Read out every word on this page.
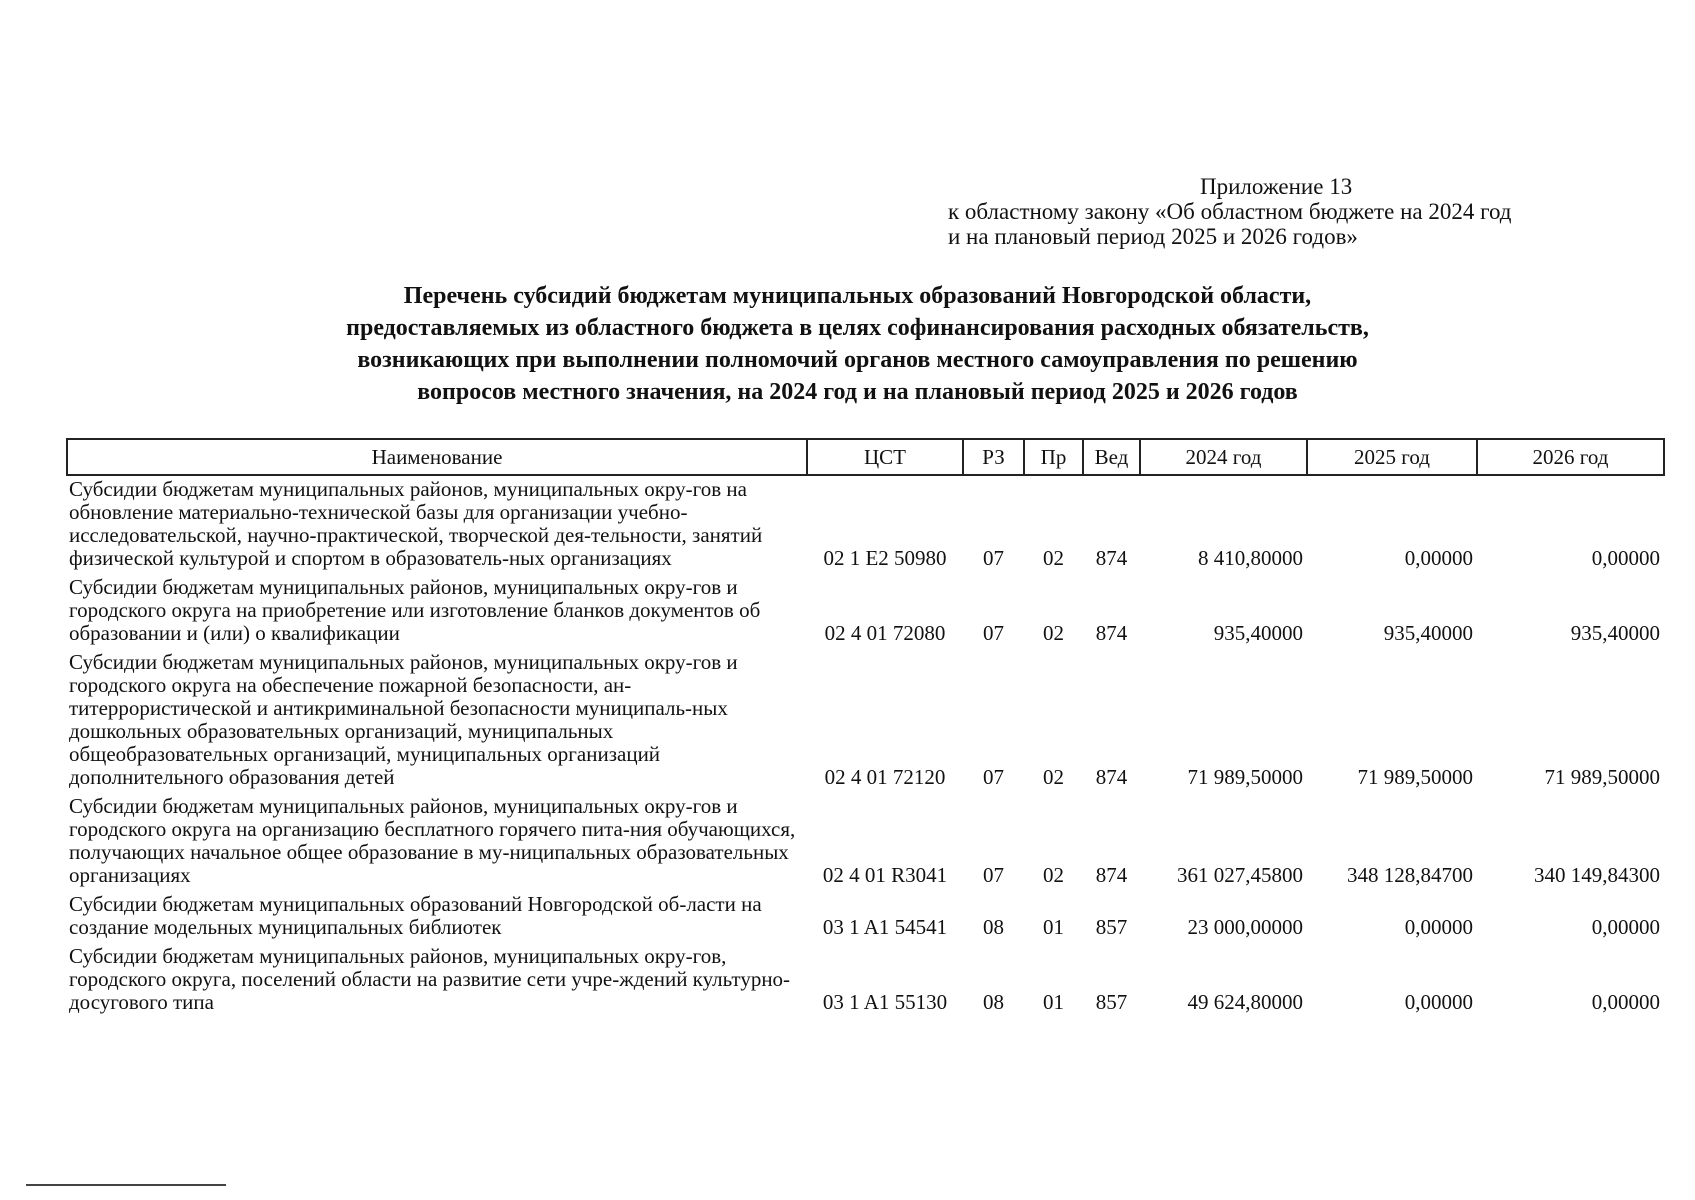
Приложение 13
к областному закону «Об областном бюджете на 2024 год
и на плановый период 2025 и 2026 годов»
Перечень субсидий бюджетам муниципальных образований Новгородской области,
предоставляемых из областного бюджета в целях софинансирования расходных обязательств,
возникающих при выполнении полномочий органов местного самоуправления по решению
вопросов местного значения, на 2024 год и на плановый период 2025 и 2026 годов
Наименование	ЦСТ	РЗ	Пр	Вед	2024 год	2025 год	2026 год
Субсидии бюджетам муниципальных районов, муниципальных окру-гов на обновление материально-технической базы для организации учебно-исследовательской, научно-практической, творческой дея-тельности, занятий физической культурой и спортом в образователь-ных организациях	02 1 E2 50980	07	02	874	8 410,80000	0,00000	0,00000
Субсидии бюджетам муниципальных районов, муниципальных окру-гов и городского округа на приобретение или изготовление бланков документов об образовании и (или) о квалификации	02 4 01 72080	07	02	874	935,40000	935,40000	935,40000
Субсидии бюджетам муниципальных районов, муниципальных окру-гов и городского округа на обеспечение пожарной безопасности, ан-титеррористической и антикриминальной безопасности муниципаль-ных дошкольных образовательных организаций, муниципальных общеобразовательных организаций, муниципальных организаций дополнительного образования детей	02 4 01 72120	07	02	874	71 989,50000	71 989,50000	71 989,50000
Субсидии бюджетам муниципальных районов, муниципальных окру-гов и городского округа на организацию бесплатного горячего пита-ния обучающихся, получающих начальное общее образование в му-ниципальных образовательных организациях	02 4 01 R3041	07	02	874	361 027,45800	348 128,84700	340 149,84300
Субсидии бюджетам муниципальных образований Новгородской об-ласти на создание модельных муниципальных библиотек	03 1 A1 54541	08	01	857	23 000,00000	0,00000	0,00000
Субсидии бюджетам муниципальных районов, муниципальных окру-гов, городского округа, поселений области на развитие сети учре-ждений культурно-досугового типа	03 1 A1 55130	08	01	857	49 624,80000	0,00000	0,00000
